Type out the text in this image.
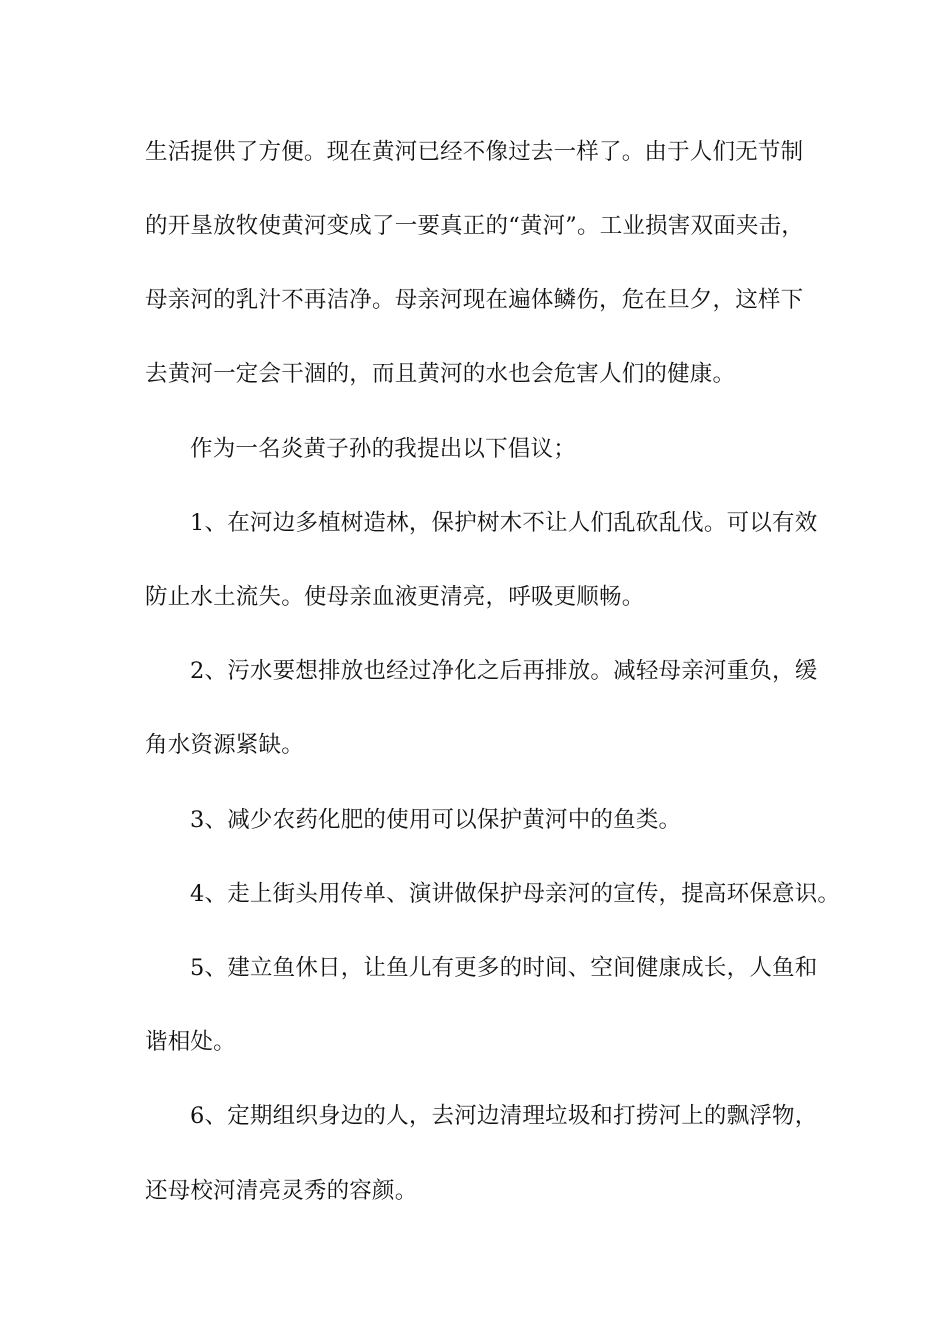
生活提供了方便。现在黄河已经不像过去一样了。由于人们无节制
的开垦放牧使黄河变成了一要真正的“黄河”。工业损害双面夹击，
母亲河的乳汁不再洁净。母亲河现在遍体鳞伤，危在旦夕，这样下
去黄河一定会干涸的，而且黄河的水也会危害人们的健康。
作为一名炎黄子孙的我提出以下倡议；
1、在河边多植树造林，保护树木不让人们乱砍乱伐。可以有效
防止水土流失。使母亲血液更清亮，呼吸更顺畅。
2、污水要想排放也经过净化之后再排放。减轻母亲河重负，缓
角水资源紧缺。
3、减少农药化肥的使用可以保护黄河中的鱼类。
4、走上街头用传单、演讲做保护母亲河的宣传，提高环保意识。
5、建立鱼休日，让鱼儿有更多的时间、空间健康成长，人鱼和
谐相处。
6、定期组织身边的人，去河边清理垃圾和打捞河上的飘浮物，
还母校河清亮灵秀的容颜。
